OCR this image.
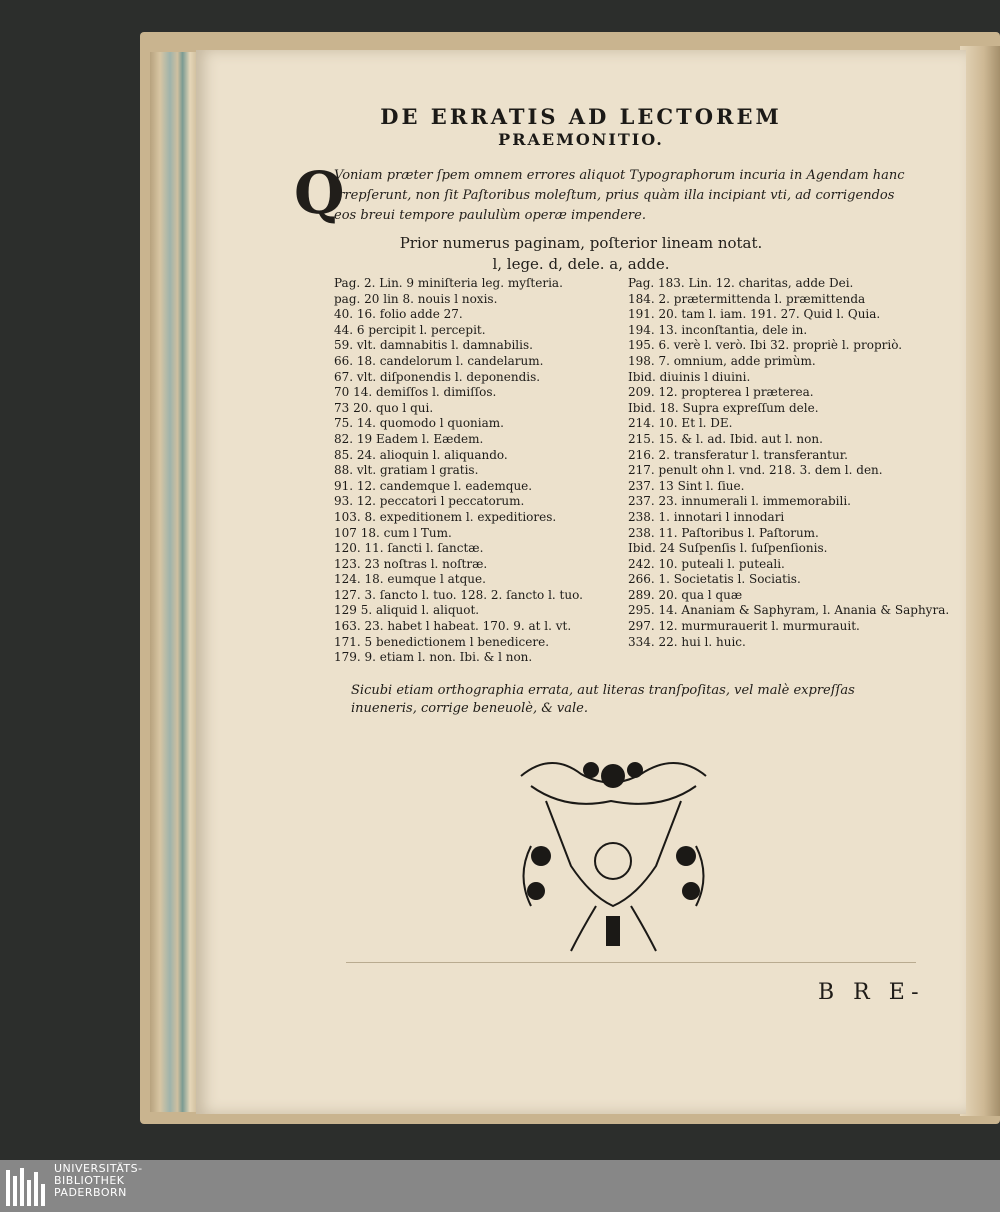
DE ERRATIS AD LECTOREM
PRAEMONITIO.
Q
Voniam præter ſpem omnem errores aliquot Typographorum incuria in Agendam hanc irrepſerunt, non ſit Paſtoribus moleſtum, prius quàm illa incipiant vti, ad corrigendos eos breui tempore paululùm operæ impendere.
Prior numerus paginam, poſterior lineam notat.
l, lege. d, dele. a, adde.
Pag. 2. Lin. 9 miniſteria leg. myſteria.
pag. 20 lin 8. nouis l noxis.
40. 16. folio adde 27.
44. 6 percipit l. percepit.
59. vlt. damnabitis l. damnabilis.
66. 18. candelorum l. candelarum.
67. vlt. diſponendis l. deponendis.
70 14. demiſſos l. dimiſſos.
73 20. quo l qui.
75. 14. quomodo l quoniam.
82. 19 Eadem l. Eædem.
85. 24. alioquin l. aliquando.
88. vlt. gratiam l gratis.
91. 12. candemque l. eademque.
93. 12. peccatori l peccatorum.
103. 8. expeditionem l. expeditiores.
107 18. cum l Tum.
120. 11. ſancti l. ſanctæ.
123. 23 noſtras l. noſtræ.
124. 18. eumque l atque.
127. 3. ſancto l. tuo. 128. 2. ſancto l. tuo.
129 5. aliquid l. aliquot.
163. 23. habet l habeat. 170. 9. at l. vt.
171. 5 benedictionem l benedicere.
179. 9. etiam l. non. Ibi. & l non.
Pag. 183. Lin. 12. charitas, adde Dei.
184. 2. prætermittenda l. præmittenda
191. 20. tam l. iam. 191. 27. Quid l. Quia.
194. 13. inconſtantia, dele in.
195. 6. verè l. verò. Ibi 32. propriè l. propriò.
198. 7. omnium, adde primùm.
Ibid. diuinis l diuini.
209. 12. propterea l præterea.
Ibid. 18. Supra expreſſum dele.
214. 10. Et l. DE.
215. 15. & l. ad. Ibid. aut l. non.
216. 2. transferatur l. transferantur.
217. penult ohn l. vnd. 218. 3. dem l. den.
237. 13 Sint l. ſiue.
237. 23. innumerali l. immemorabili.
238. 1. innotari l innodari
238. 11. Paſtoribus l. Paſtorum.
Ibid. 24 Suſpenſis l. ſuſpenſionis.
242. 10. puteali l. puteali.
266. 1. Societatis l. Sociatis.
289. 20. qua l quæ
295. 14. Ananiam & Saphyram, l. Anania & Saphyra.
297. 12. murmurauerit l. murmurauit.
334. 22. hui l. huic.
Sicubi etiam orthographia errata, aut literas tranſpoſitas, vel malè expreſſas inueneris, corrige beneuolè, & vale.
B R E-
UNIVERSITÄTS-
BIBLIOTHEK
PADERBORN
